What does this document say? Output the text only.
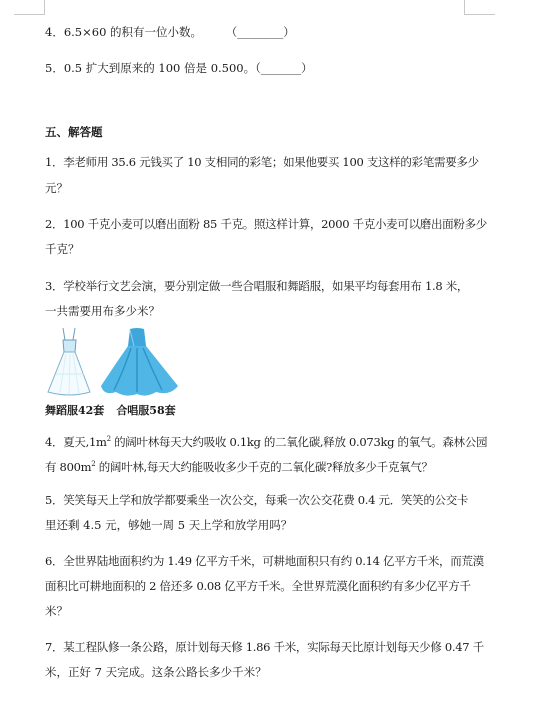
4．6.5×60 的积有一位小数。 （________）
5．0.5 扩大到原来的 100 倍是 0.500。（_______）
五、解答题
1．李老师用 35.6 元钱买了 10 支相同的彩笔；如果他要买 100 支这样的彩笔需要多少
元？
2．100 千克小麦可以磨出面粉 85 千克。照这样计算，2000 千克小麦可以磨出面粉多少
千克？
3．学校举行文艺会演，要分别定做一些合唱服和舞蹈服，如果平均每套用布 1.8 米，
一共需要用布多少米？
舞蹈服42套 合唱服58套
4．夏天$,1m^2$ 的阔叶林每天大约吸收 0.1kg 的二氧化碳,释放 0.073kg 的氧气。森林公园
有 $800m^2$ 的阔叶林,每天大约能吸收多少千克的二氧化碳?释放多少千克氧气？
5．笑笑每天上学和放学都要乘坐一次公交，每乘一次公交花费 0.4 元．笑笑的公交卡
里还剩 4.5 元，够她一周 5 天上学和放学用吗？
6．全世界陆地面积约为 1.49 亿平方千米，可耕地面积只有约 0.14 亿平方千米，而荒漠
面积比可耕地面积的 2 倍还多 0.08 亿平方千米。全世界荒漠化面积约有多少亿平方千
米？
7．某工程队修一条公路，原计划每天修 1.86 千米，实际每天比原计划每天少修 0.47 千
米，正好 7 天完成。这条公路长多少千米？
